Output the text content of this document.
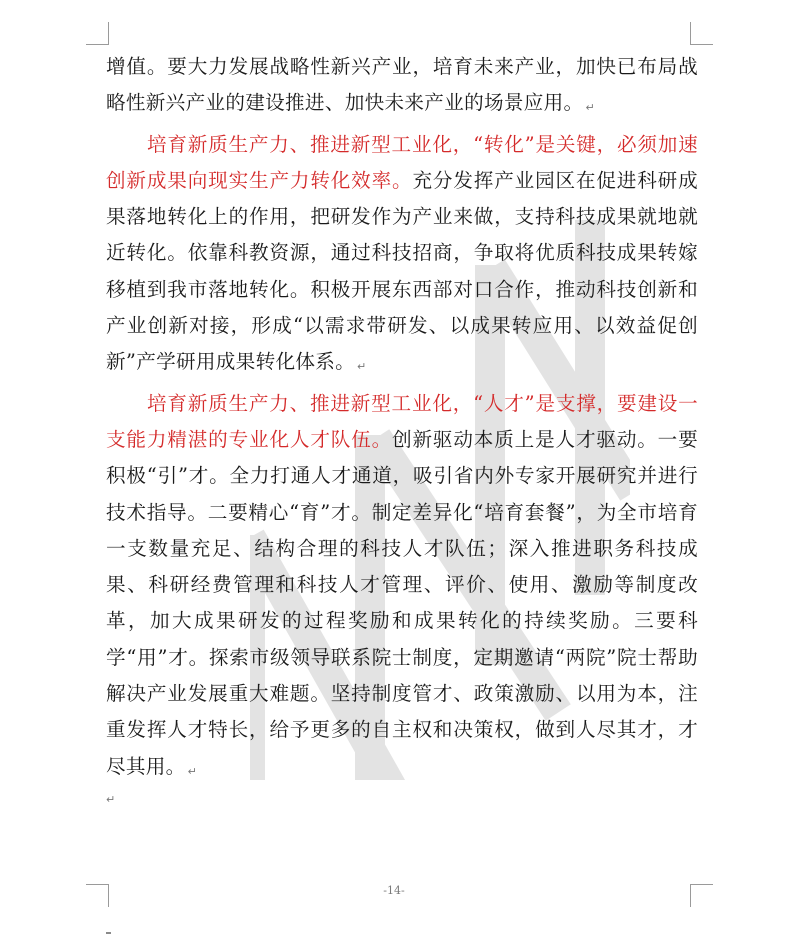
增值。要大力发展战略性新兴产业，培育未来产业，加快已布局战略性新兴产业的建设推进、加快未来产业的场景应用。 ↵

培育新质生产力、推进新型工业化，“转化”是关键，必须加速创新成果向现实生产力转化效率。充分发挥产业园区在促进科研成果落地转化上的作用，把研发作为产业来做，支持科技成果就地就近转化。依靠科教资源，通过科技招商，争取将优质科技成果转嫁移植到我市落地转化。积极开展东西部对口合作，推动科技创新和产业创新对接，形成“以需求带研发、以成果转应用、以效益促创新”产学研用成果转化体系。 ↵

培育新质生产力、推进新型工业化，“人才”是支撑，要建设一支能力精湛的专业化人才队伍。创新驱动本质上是人才驱动。一要积极“引”才。全力打通人才通道，吸引省内外专家开展研究并进行技术指导。二要精心“育”才。制定差异化“培育套餐”，为全市培育一支数量充足、结构合理的科技人才队伍；深入推进职务科技成果、科研经费管理和科技人才管理、评价、使用、激励等制度改革，加大成果研发的过程奖励和成果转化的持续奖励。三要科学“用”才。探索市级领导联系院士制度，定期邀请“两院”院士帮助解决产业发展重大难题。坚持制度管才、政策激励、以用为本，注重发挥人才特长，给予更多的自主权和决策权，做到人尽其才，才尽其用。 ↵

↵
-14-
